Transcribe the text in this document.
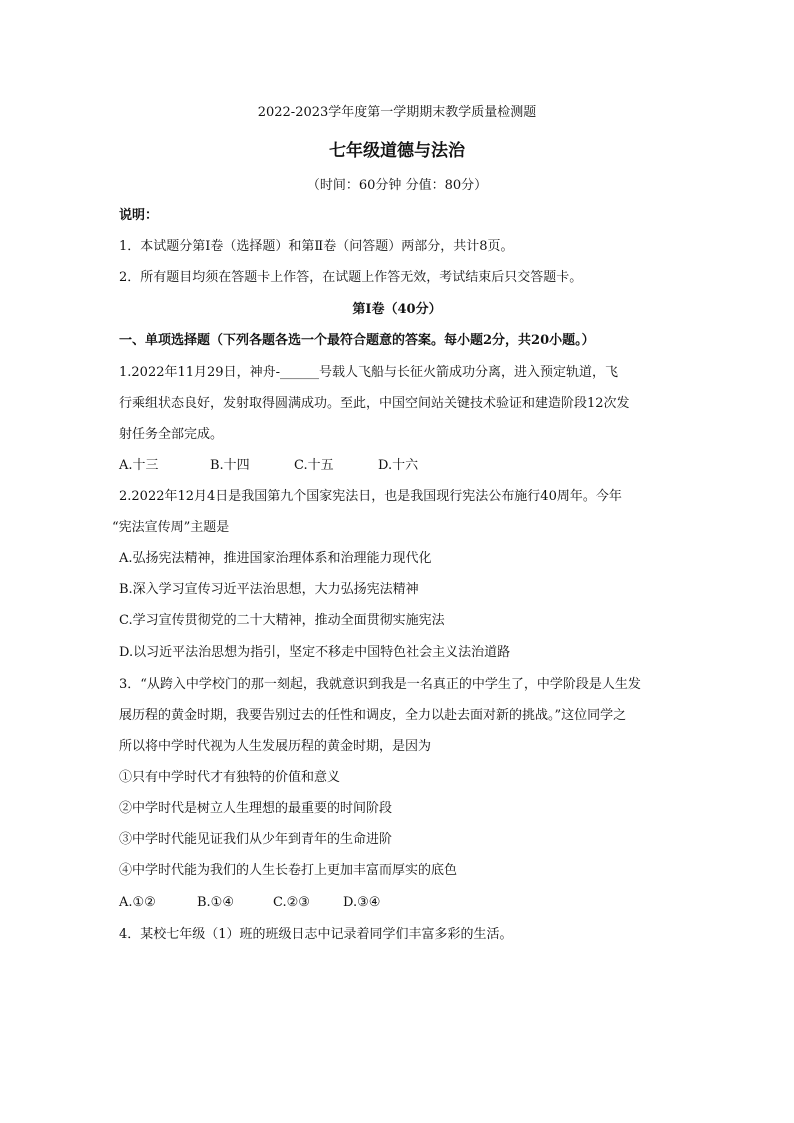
2022-2023学年度第一学期期末教学质量检测题
七年级道德与法治
（时间：60分钟 分值：80分）
说明：
1．本试题分第Ⅰ卷（选择题）和第Ⅱ卷（问答题）两部分，共计8页。
2．所有题目均须在答题卡上作答，在试题上作答无效，考试结束后只交答题卡。
第Ⅰ卷（40分）
一、单项选择题（下列各题各选一个最符合题意的答案。每小题2分，共20小题。）
1.2022年11月29日，神舟-______号载人飞船与长征火箭成功分离，进入预定轨道，飞
行乘组状态良好，发射取得圆满成功。至此，中国空间站关键技术验证和建造阶段12次发
射任务全部完成。
A.十三	B.十四	C.十五	D.十六
2.2022年12月4日是我国第九个国家宪法日，也是我国现行宪法公布施行40周年。今年
“宪法宣传周”主题是
A.弘扬宪法精神，推进国家治理体系和治理能力现代化
B.深入学习宣传习近平法治思想，大力弘扬宪法精神
C.学习宣传贯彻党的二十大精神，推动全面贯彻实施宪法
D.以习近平法治思想为指引，坚定不移走中国特色社会主义法治道路
3．“从跨入中学校门的那一刻起，我就意识到我是一名真正的中学生了，中学阶段是人生发
展历程的黄金时期，我要告别过去的任性和调皮，全力以赴去面对新的挑战。”这位同学之
所以将中学时代视为人生发展历程的黄金时期，是因为
①只有中学时代才有独特的价值和意义
②中学时代是树立人生理想的最重要的时间阶段
③中学时代能见证我们从少年到青年的生命进阶
④中学时代能为我们的人生长卷打上更加丰富而厚实的底色
A.①②	B.①④	C.②③	D.③④
4．某校七年级（1）班的班级日志中记录着同学们丰富多彩的生活。
